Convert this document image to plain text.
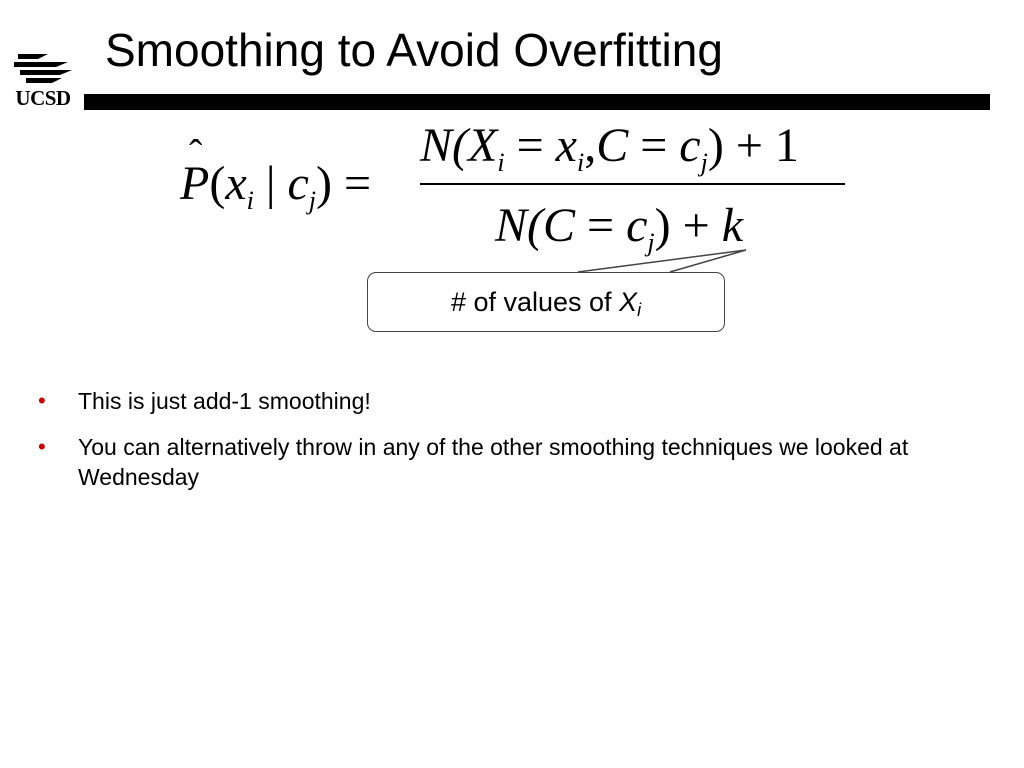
UCSD
Smoothing to Avoid Overfitting
ˆ $P(x_i$ | $c_j$) =
$N(X_i = x_i,C = c_j) + 1$
$N(C = c_j) + k$
# of values of $X_i$
• This is just add-1 smoothing!
• You can alternatively throw in any of the other smoothing techniques we looked at Wednesday
